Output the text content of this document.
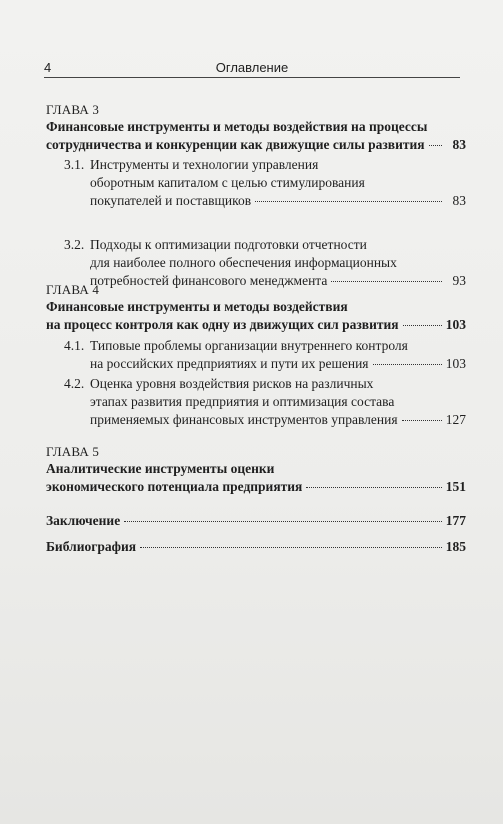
4	Оглавление
ГЛАВА 3
Финансовые инструменты и методы воздействия на процессы
сотрудничества и конкуренции как движущие силы развития	83
3.1. Инструменты и технологии управления
оборотным капиталом с целью стимулирования
покупателей и поставщиков	83
3.2. Подходы к оптимизации подготовки отчетности
для наиболее полного обеспечения информационных
потребностей финансового менеджмента	93
ГЛАВА 4
Финансовые инструменты и методы воздействия
на процесс контроля как одну из движущих сил развития	103
4.1. Типовые проблемы организации внутреннего контроля
на российских предприятиях и пути их решения	103
4.2. Оценка уровня воздействия рисков на различных
этапах развития предприятия и оптимизация состава
применяемых финансовых инструментов управления	127
ГЛАВА 5
Аналитические инструменты оценки
экономического потенциала предприятия	151
Заключение	177
Библиография	185
